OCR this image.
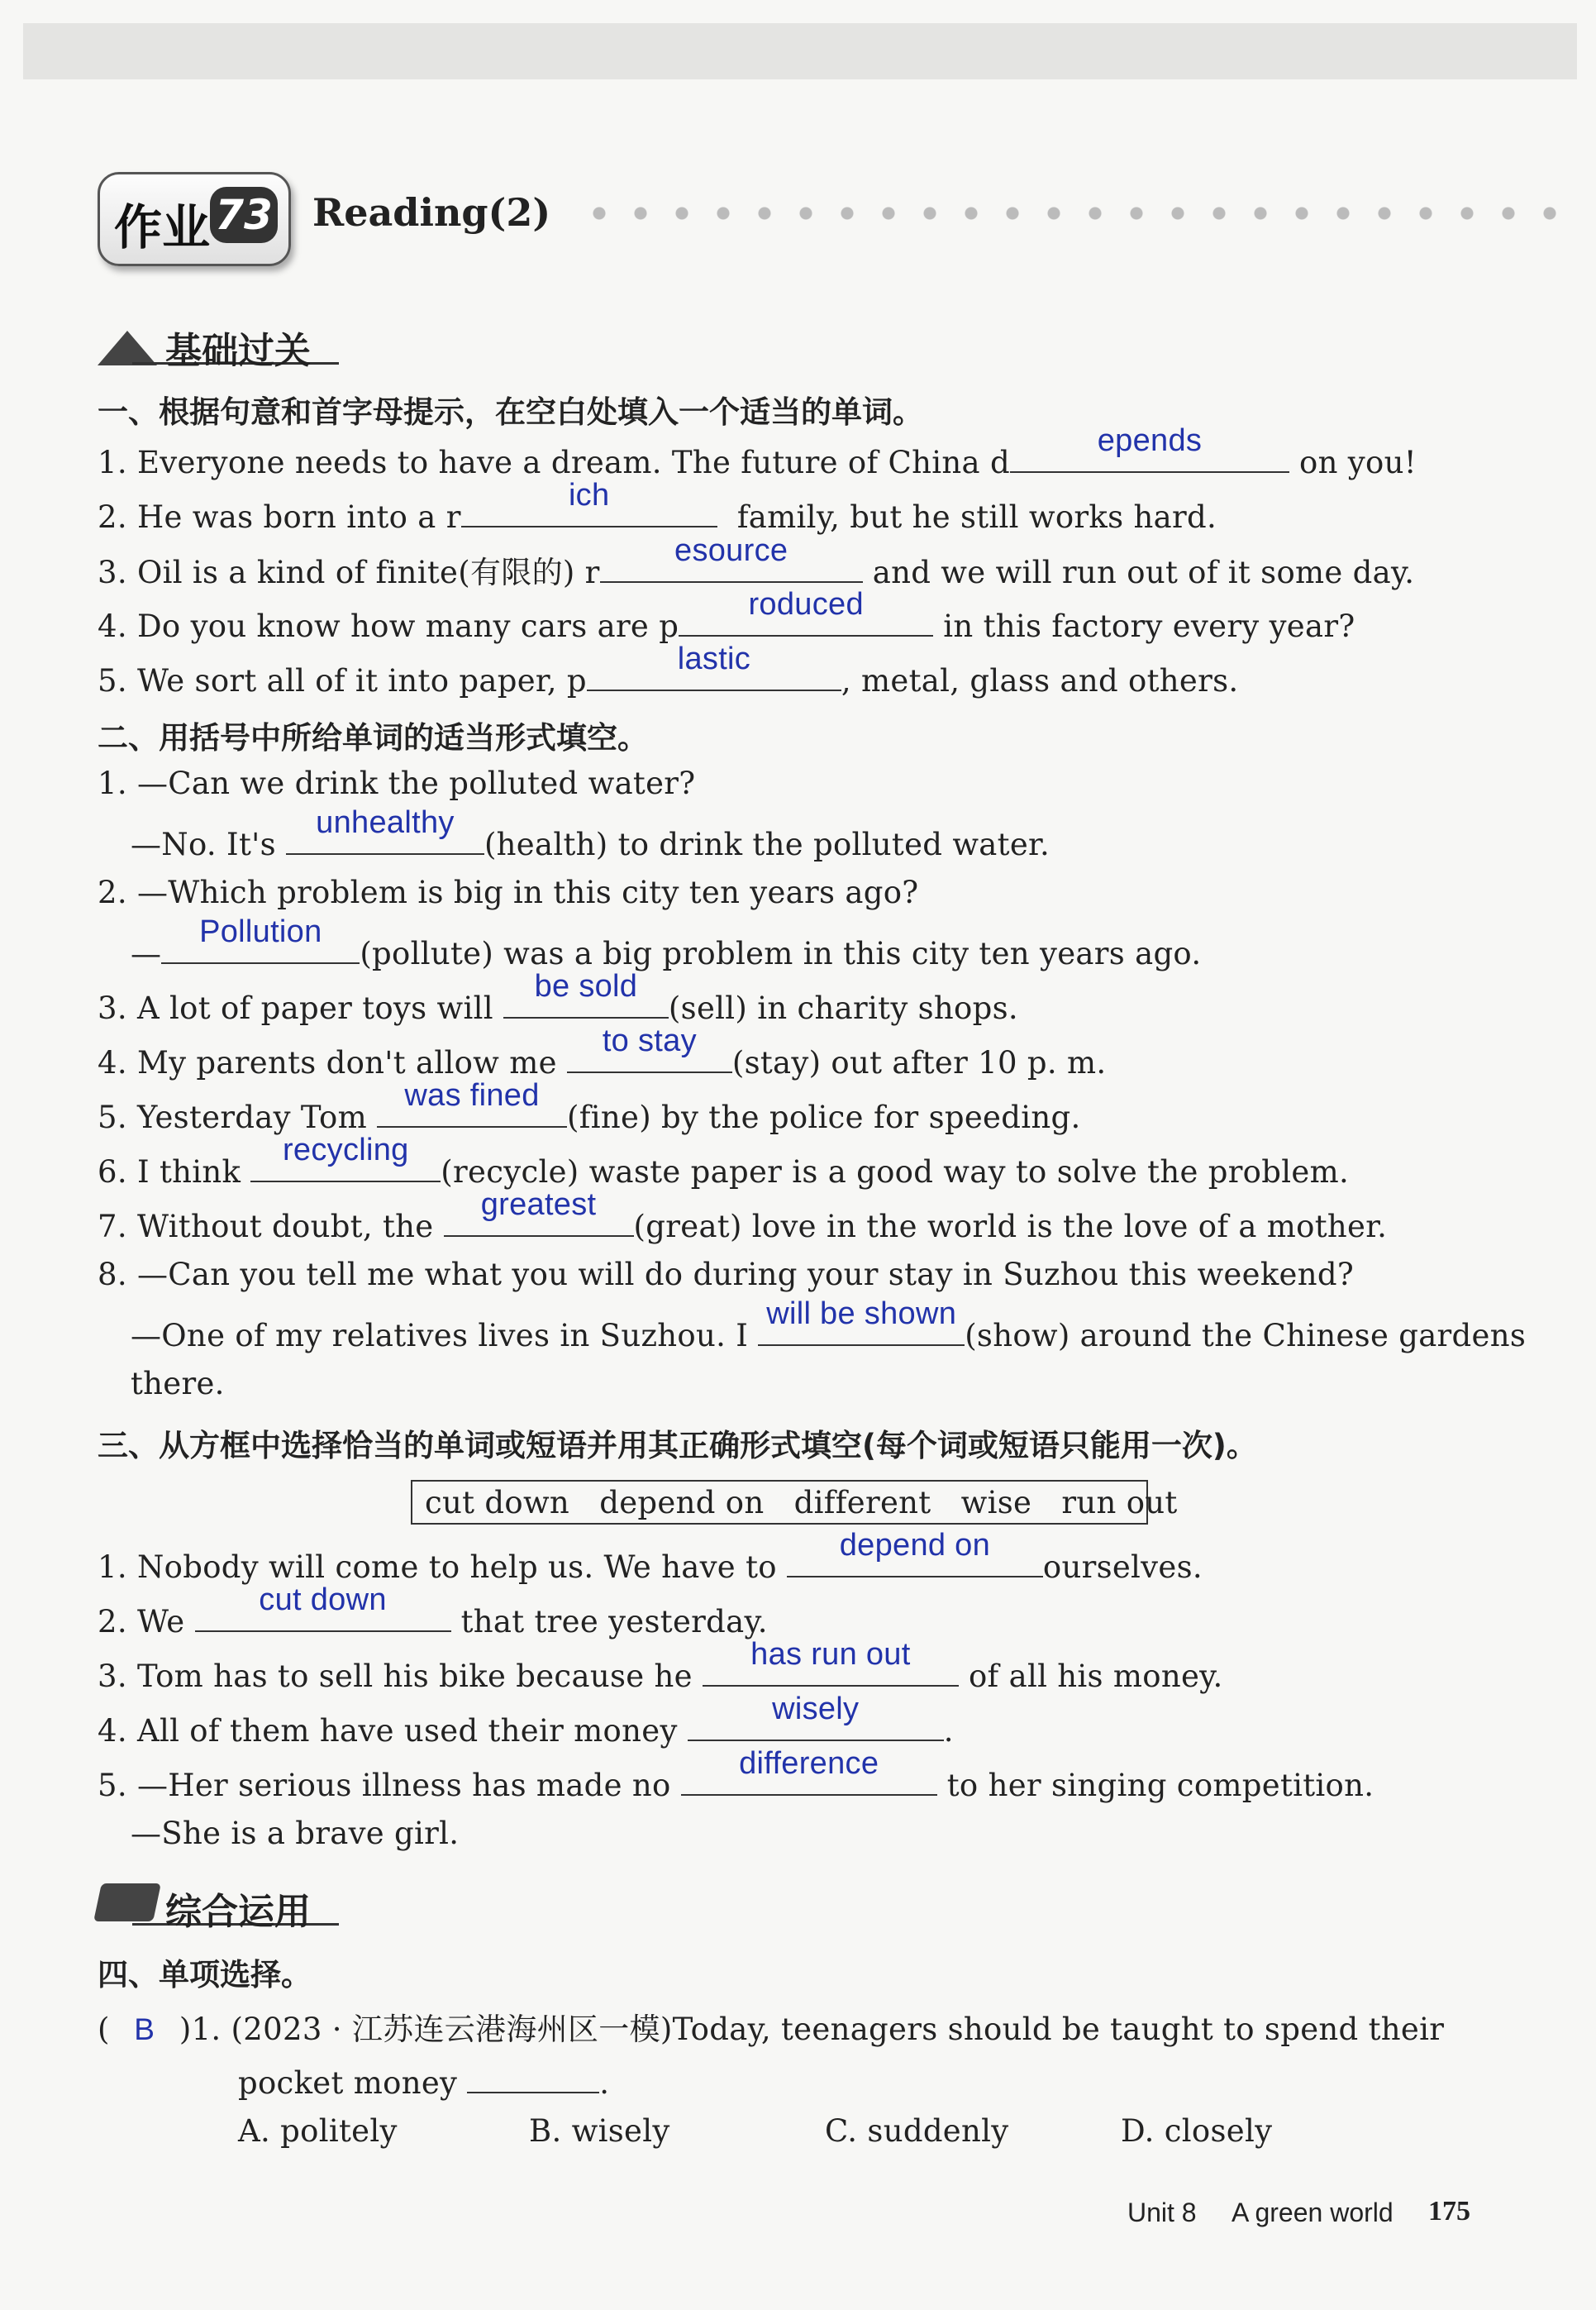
作业 73 Reading(2)
基础过关
一、根据句意和首字母提示，在空白处填入一个适当的单词。
1. Everyone needs to have a dream. The future of China d
epends
on you!
2. He was born into a r
ich
family, but he still works hard.
3. Oil is a kind of finite(有限的) r
esource
and we will run out of it some day.
4. Do you know how many cars are p
roduced
in this factory every year?
5. We sort all of it into paper, p
lastic
, metal, glass and others.
二、用括号中所给单词的适当形式填空。
1. —Can we drink the polluted water?
—No. It's
unhealthy
(health) to drink the polluted water.
2. —Which problem is big in this city ten years ago?
—
Pollution
(pollute) was a big problem in this city ten years ago.
3. A lot of paper toys will
be sold
(sell) in charity shops.
4. My parents don't allow me
to stay
(stay) out after 10 p. m.
5. Yesterday Tom
was fined
(fine) by the police for speeding.
6. I think
recycling
(recycle) waste paper is a good way to solve the problem.
7. Without doubt, the
greatest
(great) love in the world is the love of a mother.
8. —Can you tell me what you will do during your stay in Suzhou this weekend?
—One of my relatives lives in Suzhou. I
will be shown
(show) around the Chinese gardens
there.
三、从方框中选择恰当的单词或短语并用其正确形式填空(每个词或短语只能用一次)。
cut down   depend on   different   wise   run out
1. Nobody will come to help us. We have to
depend on
ourselves.
2. We
cut down
that tree yesterday.
3. Tom has to sell his bike because he
has run out
of all his money.
4. All of them have used their money
wisely
.
5. —Her serious illness has made no
difference
to her singing competition.
—She is a brave girl.
综合运用
四、单项选择。
( B )1. (2023 · 江苏连云港海州区一模)Today, teenagers should be taught to spend their
pocket money	.
A. politely	B. wisely	C. suddenly	D. closely
Unit 8 A green world 175
